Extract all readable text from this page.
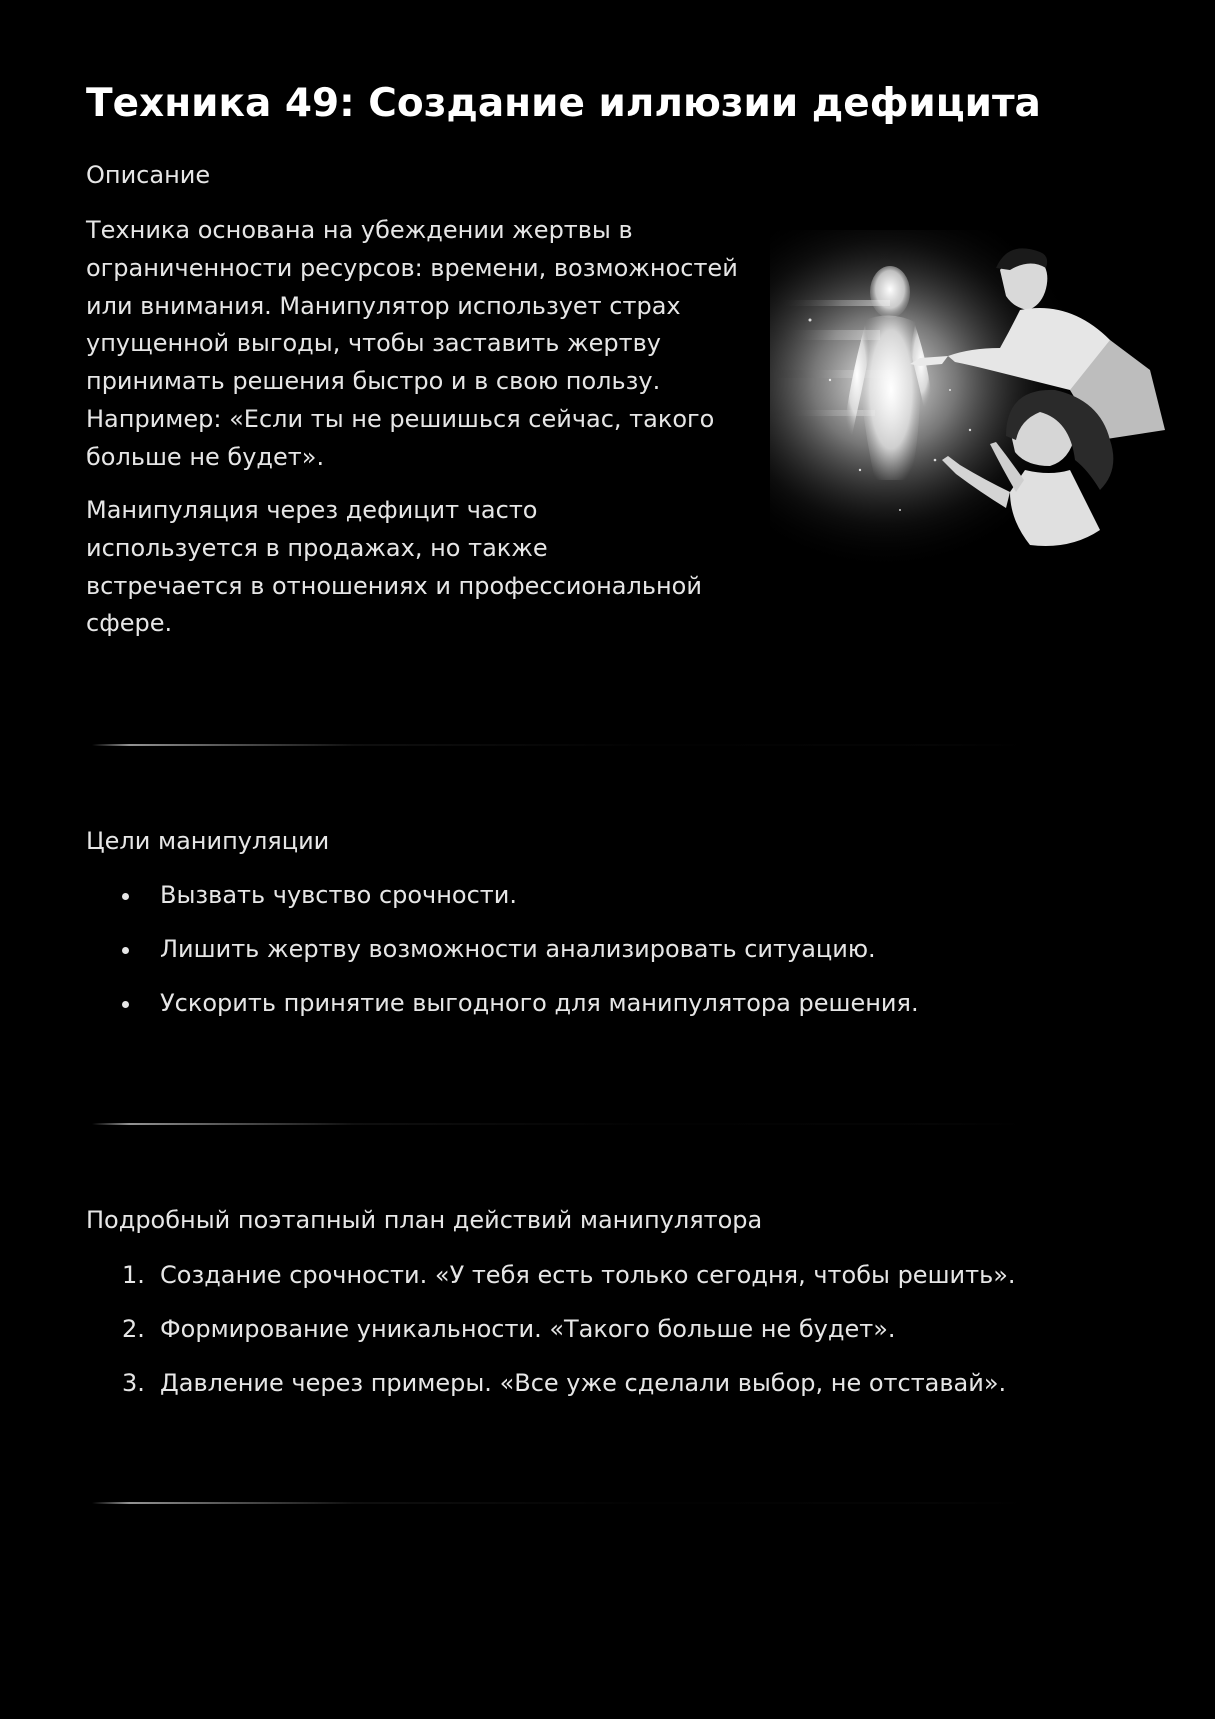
Техника 49: Создание иллюзии дефицита
Описание

Техника основана на убеждении жертвы в ограниченности ресурсов: времени, возможностей или внимания. Манипулятор использует страх упущенной выгоды, чтобы заставить жертву принимать решения быстро и в свою пользу. Например: «Если ты не решишься сейчас, такого больше не будет».

Манипуляция через дефицит часто используется в продажах, но также встречается в отношениях и профессиональной сфере.

Цели манипуляции
Вызвать чувство срочности.
Лишить жертву возможности анализировать ситуацию.
Ускорить принятие выгодного для манипулятора решения.
Подробный поэтапный план действий манипулятора
1. Создание срочности. «У тебя есть только сегодня, чтобы решить».
2. Формирование уникальности. «Такого больше не будет».
3. Давление через примеры. «Все уже сделали выбор, не отставай».
